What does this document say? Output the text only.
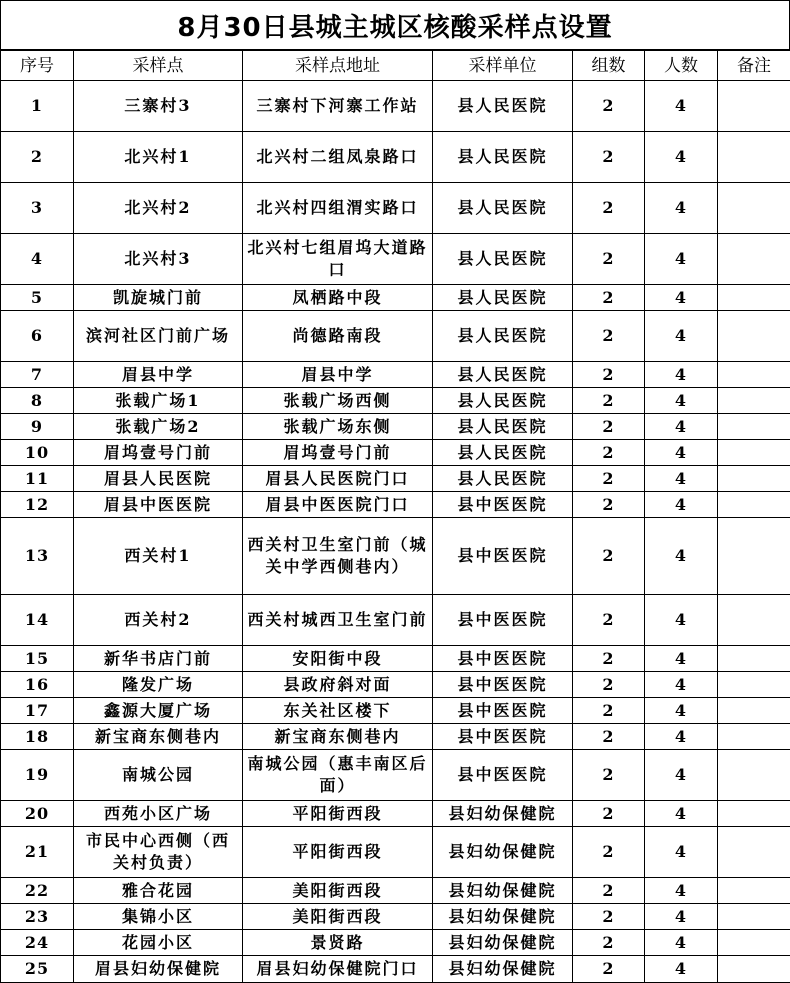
8月30日县城主城区核酸采样点设置
序号	采样点	采样点地址	采样单位	组数	人数	备注
1	三寨村3	三寨村下河寨工作站	县人民医院	2	4	
2	北兴村1	北兴村二组凤泉路口	县人民医院	2	4	
3	北兴村2	北兴村四组渭实路口	县人民医院	2	4	
4	北兴村3	北兴村七组眉坞大道路口	县人民医院	2	4	
5	凯旋城门前	凤栖路中段	县人民医院	2	4	
6	滨河社区门前广场	尚德路南段	县人民医院	2	4	
7	眉县中学	眉县中学	县人民医院	2	4	
8	张载广场1	张载广场西侧	县人民医院	2	4	
9	张载广场2	张载广场东侧	县人民医院	2	4	
10	眉坞壹号门前	眉坞壹号门前	县人民医院	2	4	
11	眉县人民医院	眉县人民医院门口	县人民医院	2	4	
12	眉县中医医院	眉县中医医院门口	县中医医院	2	4	
13	西关村1	西关村卫生室门前（城关中学西侧巷内）	县中医医院	2	4	
14	西关村2	西关村城西卫生室门前	县中医医院	2	4	
15	新华书店门前	安阳街中段	县中医医院	2	4	
16	隆发广场	县政府斜对面	县中医医院	2	4	
17	鑫源大厦广场	东关社区楼下	县中医医院	2	4	
18	新宝商东侧巷内	新宝商东侧巷内	县中医医院	2	4	
19	南城公园	南城公园（惠丰南区后面）	县中医医院	2	4	
20	西苑小区广场	平阳街西段	县妇幼保健院	2	4	
21	市民中心西侧（西关村负责）	平阳街西段	县妇幼保健院	2	4	
22	雅合花园	美阳街西段	县妇幼保健院	2	4	
23	集锦小区	美阳街西段	县妇幼保健院	2	4	
24	花园小区	景贤路	县妇幼保健院	2	4	
25	眉县妇幼保健院	眉县妇幼保健院门口	县妇幼保健院	2	4	
